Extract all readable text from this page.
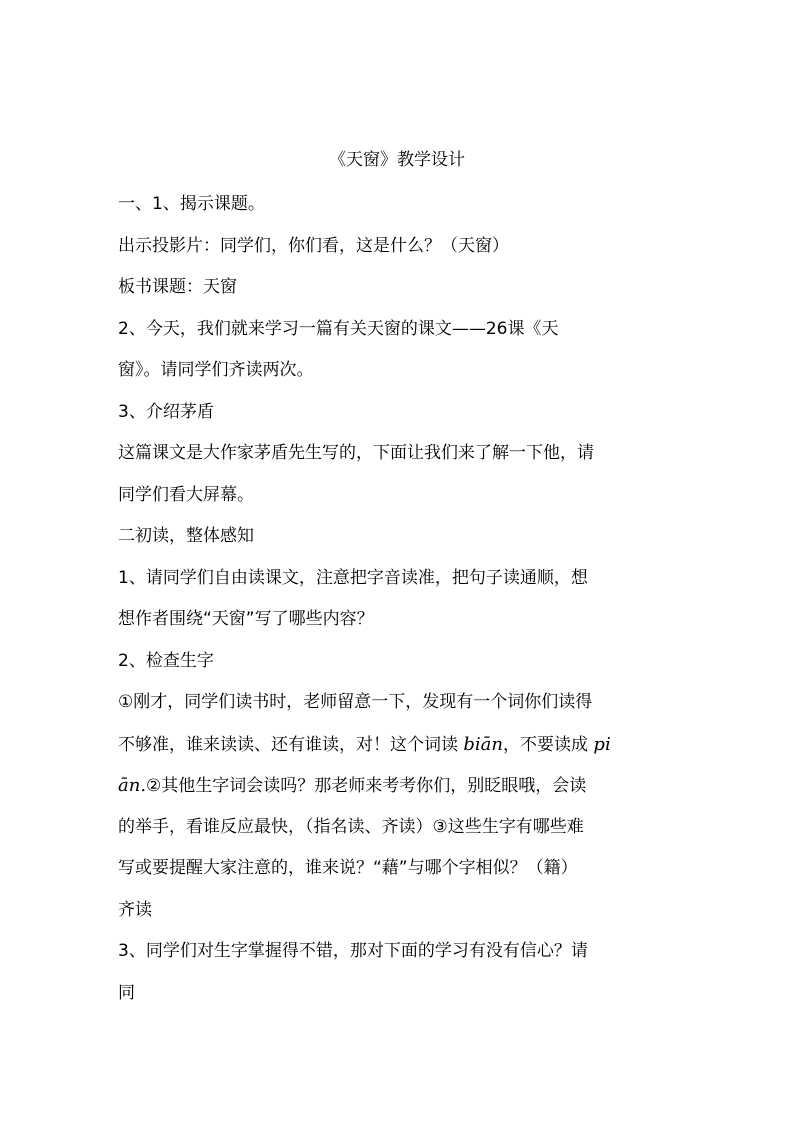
《天窗》教学设计
一、1、揭示课题。
出示投影片：同学们，你们看，这是什么？（天窗）
板书课题：天窗
2、今天，我们就来学习一篇有关天窗的课文——26课《天
窗》。请同学们齐读两次。
3、介绍茅盾
这篇课文是大作家茅盾先生写的，下面让我们来了解一下他，请
同学们看大屏幕。
二初读，整体感知
1、请同学们自由读课文，注意把字音读准，把句子读通顺，想
想作者围绕“天窗”写了哪些内容？
2、检查生字
①刚才，同学们读书时，老师留意一下，发现有一个词你们读得
不够准，谁来读读、还有谁读，对！这个词读 biān，不要读成 pi
ān.②其他生字词会读吗？那老师来考考你们，别眨眼哦，会读
的举手，看谁反应最快，（指名读、齐读）③这些生字有哪些难
写或要提醒大家注意的，谁来说？“藉”与哪个字相似？（籍）
齐读
3、同学们对生字掌握得不错，那对下面的学习有没有信心？请
同
